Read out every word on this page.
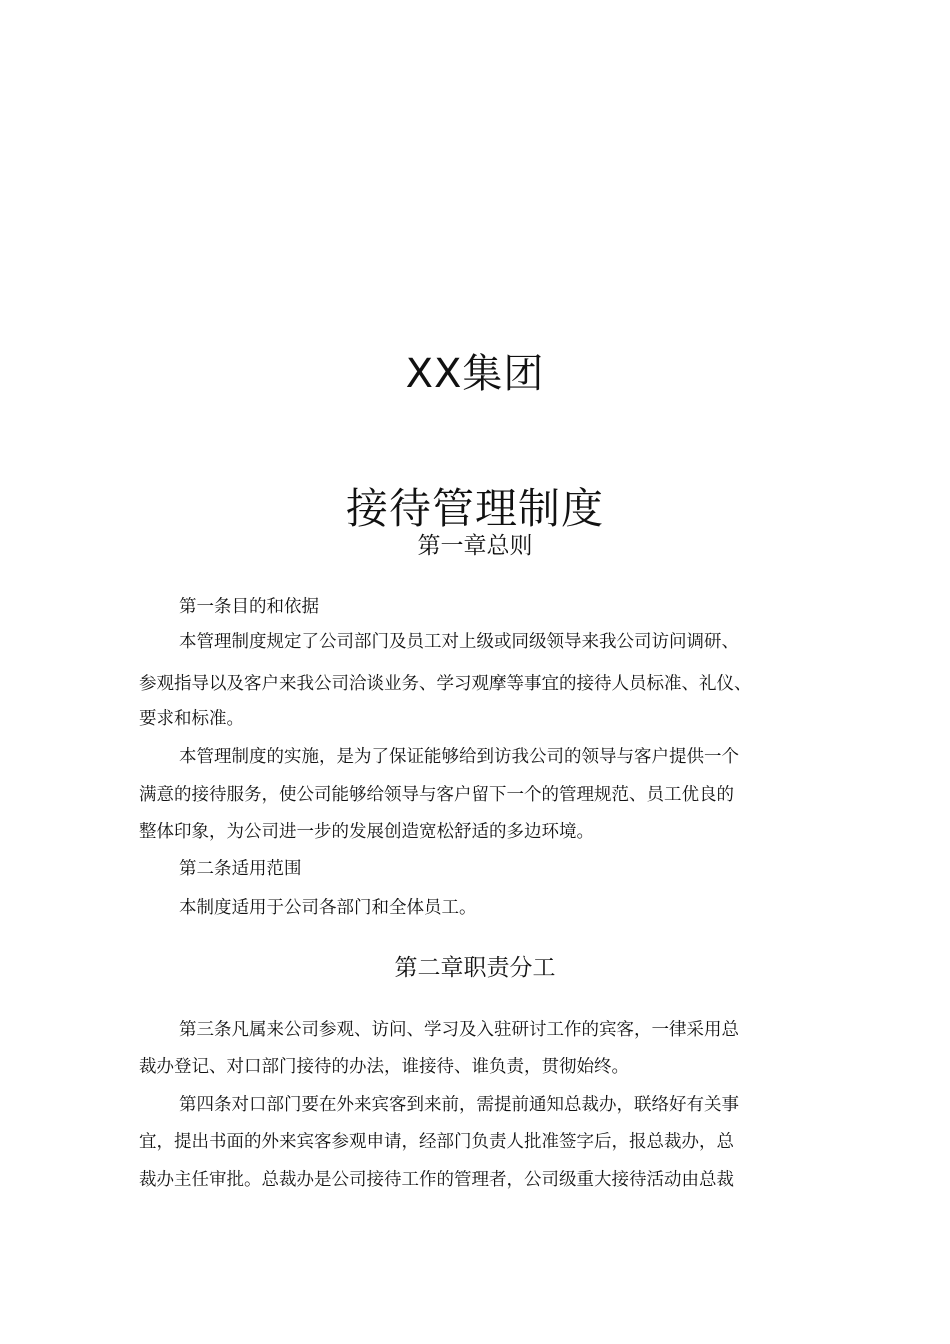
XX集团
接待管理制度
第一章总则
第一条目的和依据
本管理制度规定了公司部门及员工对上级或同级领导来我公司访问调研、
参观指导以及客户来我公司洽谈业务、学习观摩等事宜的接待人员标准、礼仪、
要求和标准。
本管理制度的实施，是为了保证能够给到访我公司的领导与客户提供一个
满意的接待服务，使公司能够给领导与客户留下一个的管理规范、员工优良的
整体印象，为公司进一步的发展创造宽松舒适的多边环境。
第二条适用范围
本制度适用于公司各部门和全体员工。
第二章职责分工
第三条凡属来公司参观、访问、学习及入驻研讨工作的宾客，一律采用总
裁办登记、对口部门接待的办法，谁接待、谁负责，贯彻始终。
第四条对口部门要在外来宾客到来前，需提前通知总裁办，联络好有关事
宜，提出书面的外来宾客参观申请，经部门负责人批准签字后，报总裁办，总
裁办主任审批。总裁办是公司接待工作的管理者，公司级重大接待活动由总裁
